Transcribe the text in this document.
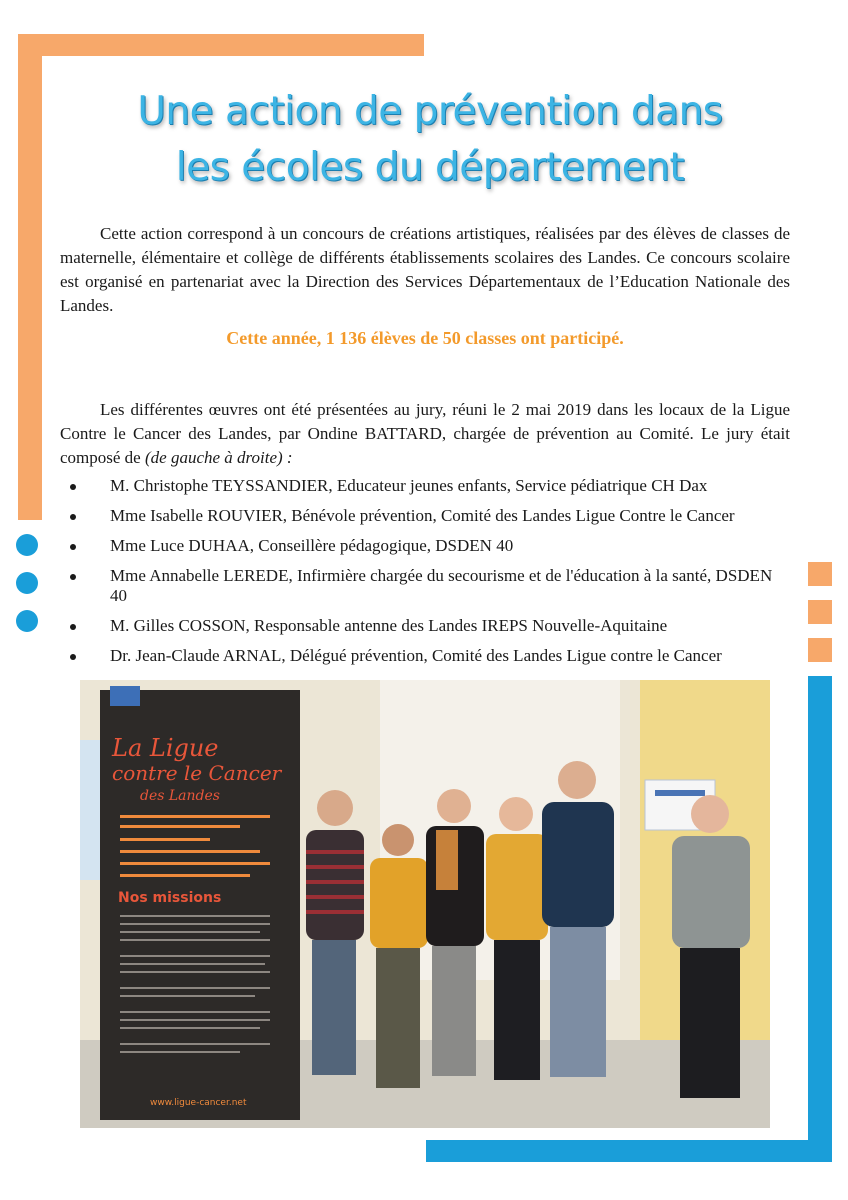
Une action de prévention dans
les écoles du département

Cette action correspond à un concours de créations artistiques, réalisées par des élèves de classes de maternelle, élémentaire et collège de différents établissements scolaires des Landes. Ce concours scolaire est organisé en partenariat avec la Direction des Services Départementaux de l’Education Nationale des Landes.

Cette année, 1 136 élèves de 50 classes ont participé.

Les différentes œuvres ont été présentées au jury, réuni le 2 mai 2019 dans les locaux de la Ligue Contre le Cancer des Landes, par Ondine BATTARD, chargée de prévention au Comité. Le jury était composé de (de gauche à droite) :

M. Christophe TEYSSANDIER, Educateur jeunes enfants, Service pédiatrique CH Dax
Mme Isabelle ROUVIER, Bénévole prévention, Comité des Landes Ligue Contre le Cancer
Mme Luce DUHAA, Conseillère pédagogique, DSDEN 40
Mme Annabelle LEREDE, Infirmière chargée du secourisme et de l'éducation à la santé, DSDEN 40
M. Gilles COSSON, Responsable antenne des Landes IREPS Nouvelle-Aquitaine
Dr. Jean-Claude ARNAL, Délégué prévention, Comité des Landes Ligue contre le Cancer
La Ligue
contre le Cancer
des Landes
Nos missions
www.ligue-cancer.net
